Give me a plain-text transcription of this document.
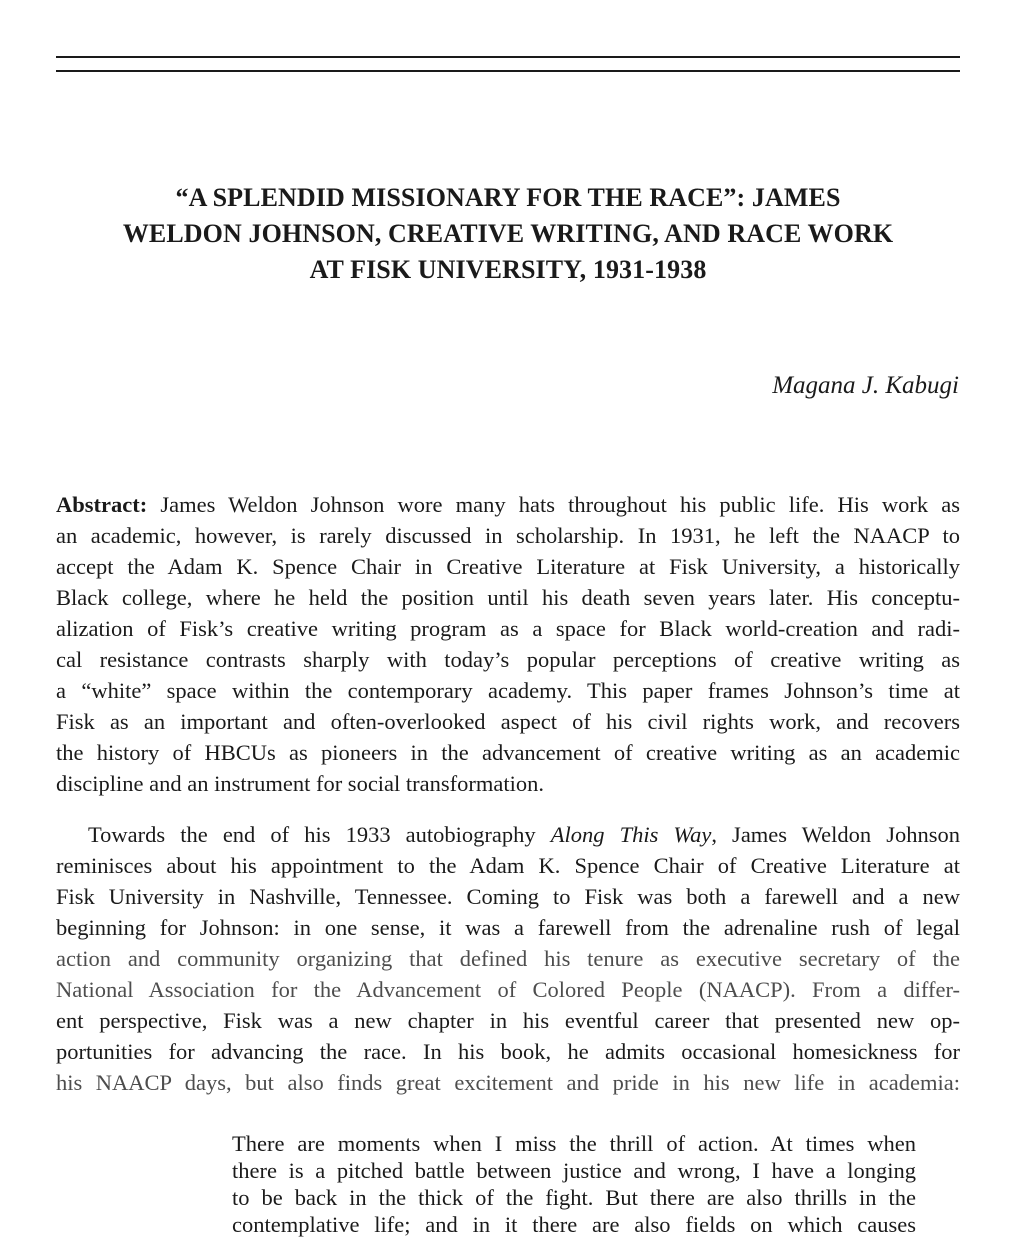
“A SPLENDID MISSIONARY FOR THE RACE”: JAMES
WELDON JOHNSON, CREATIVE WRITING, AND RACE WORK
AT FISK UNIVERSITY, 1931-1938
Magana J. Kabugi
Abstract: James Weldon Johnson wore many hats throughout his public life. His work as
an academic, however, is rarely discussed in scholarship. In 1931, he left the NAACP to
accept the Adam K. Spence Chair in Creative Literature at Fisk University, a historically
Black college, where he held the position until his death seven years later. His conceptu-
alization of Fisk’s creative writing program as a space for Black world-creation and radi-
cal resistance contrasts sharply with today’s popular perceptions of creative writing as
a “white” space within the contemporary academy. This paper frames Johnson’s time at
Fisk as an important and often-overlooked aspect of his civil rights work, and recovers
the history of HBCUs as pioneers in the advancement of creative writing as an academic
discipline and an instrument for social transformation.
Towards the end of his 1933 autobiography Along This Way, James Weldon Johnson
reminisces about his appointment to the Adam K. Spence Chair of Creative Literature at
Fisk University in Nashville, Tennessee. Coming to Fisk was both a farewell and a new
beginning for Johnson: in one sense, it was a farewell from the adrenaline rush of legal
action and community organizing that defined his tenure as executive secretary of the
National Association for the Advancement of Colored People (NAACP). From a differ-
ent perspective, Fisk was a new chapter in his eventful career that presented new op-
portunities for advancing the race. In his book, he admits occasional homesickness for
his NAACP days, but also finds great excitement and pride in his new life in academia:
There are moments when I miss the thrill of action. At times when
there is a pitched battle between justice and wrong, I have a longing
to be back in the thick of the fight. But there are also thrills in the
contemplative life; and in it there are also fields on which causes
